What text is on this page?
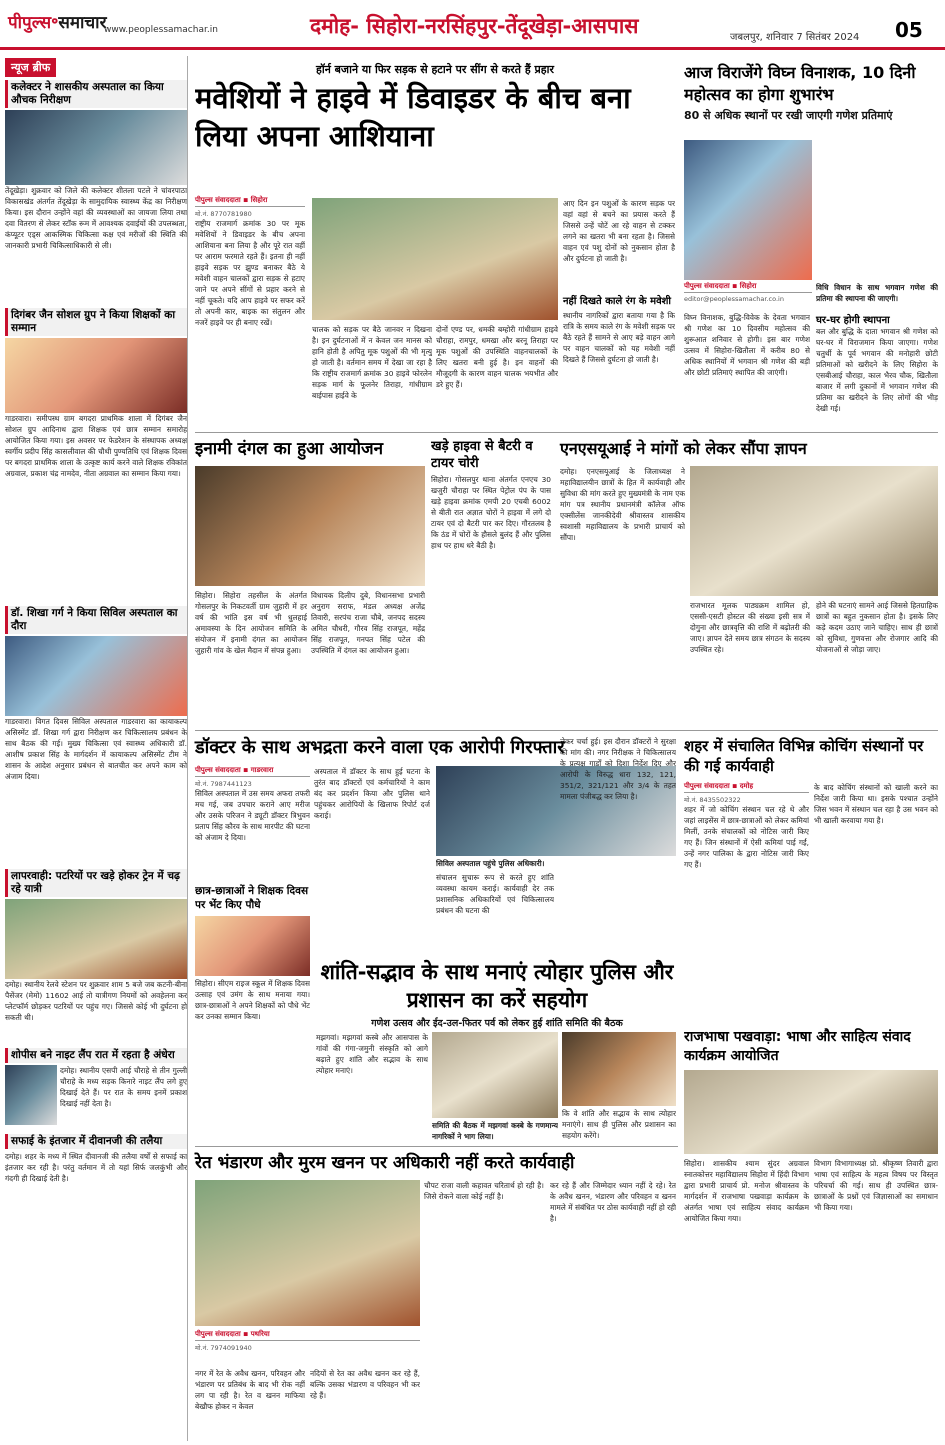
पीपुल्स॰समाचार
www.peoplessamachar.in	दमोह- सिहोरा-नरसिंहपुर-तेंदूखेड़ा-आसपास	जबलपुर, शनिवार 7 सितंबर 2024 05
न्यूज ब्रीफ
कलेक्टर ने शासकीय अस्पताल का किया औचक निरीक्षण
तेंदूखेड़ा। शुक्रवार को जिले की कलेक्टर शीतला पटले ने चांवरपाठा विकासखंड अंतर्गत तेंदूखेड़ा के सामुदायिक स्वास्थ्य केंद्र का निरीक्षण किया। इस दौरान उन्होंने वहां की व्यवस्थाओं का जायजा लिया तथा दवा वितरण से लेकर स्टॉक रूम में आवश्यक दवाईयों की उपलब्धता, कंप्यूटर एड्स आकस्मिक चिकित्सा कक्ष एवं मरीजों की स्थिति की जानकारी प्रभारी चिकित्साधिकारी से ली।
दिगंबर जैन सोशल ग्रुप ने किया शिक्षकों का सम्मान
गाडरवारा। समीपस्थ ग्राम बगदरा प्राथमिक शाला में दिगंबर जैन सोशल ग्रुप आदिनाथ द्वारा शिक्षक एवं छात्र सम्मान समारोह आयोजित किया गया। इस अवसर पर फेडरेशन के संस्थापक अध्यक्ष स्वर्गीय प्रदीप सिंह कासलीवाल की चौथी पुण्यतिथि एवं शिक्षक दिवस पर बगदरा प्राथमिक शाला के उत्कृष्ट कार्य करने वाले शिक्षक रविकांत अग्रवाल, प्रकाश चंद्र नामदेव, नीता अग्रवाल का सम्मान किया गया।
डॉ. शिखा गर्ग ने किया सिविल अस्पताल का दौरा
गाडरवारा। विगत दिवस सिविल अस्पताल गाडरवारा का कायाकल्प असिस्मेंट डॉ. शिखा गर्ग द्वारा निरीक्षण कर चिकित्सालय प्रबंधन के साथ बैठक की गई। मुख्य चिकित्सा एवं स्वास्थ्य अधिकारी डॉ. आशीष प्रकाश सिंह के मार्गदर्शन में कायाकल्प असिस्मेंट टीम ने शासन के आदेश अनुसार प्रबंधन से बातचीत कर अपने काम को अंजाम दिया।
लापरवाही: पटरियों पर खड़े होकर ट्रेन में चढ़ रहे यात्री
दमोह। स्थानीय रेलवे स्टेशन पर शुक्रवार शाम 5 बजे जब कटनी-बीना पैसेंजर (मेमो) 11602 आई तो यात्रीगण नियमों को अवहेलना कर प्लेटफॉर्म छोड़कर पटरियों पर पहुंच गए। जिससे कोई भी दुर्घटना हो सकती थी।
शोपीस बने नाइट लैंप रात में रहता है अंधेरा
दमोह। स्थानीय एसपी आई चौराहे से तीन गुल्ली चौराहे के मध्य सड़क किनारे नाइट लैंप लगे हुए दिखाई देते हैं। पर रात के समय इनमें प्रकाश दिखाई नहीं देता है।
सफाई के इंतजार में दीवानजी की तलैया
दमोह। शहर के मध्य में स्थित दीवानजी की तलैया वर्षों से सफाई का इंतजार कर रही है। परंतु वर्तमान में तो यहां सिर्फ जलकुंभी और गंदगी ही दिखाई देती है।
हॉर्न बजाने या फिर सड़क से हटाने पर सींग से करते हैं प्रहार
मवेशियों ने हाइवे में डिवाइडर के बीच बना लिया अपना आशियाना
पीपुल्स संवाददाता ◾ सिहोरा
मो.नं. 8770781980
राष्ट्रीय राजमार्ग क्रमांक 30 पर मूक मवेशियों ने डिवाइडर के बीच अपना आशियाना बना लिया है और पूरे रात वहीं पर आराम फरमाते रहते हैं। इतना ही नहीं हाइवे सड़क पर झुण्ड बनाकर बैठे ये मवेशी वाहन चालकों द्वारा सड़क से हटाए जाने पर अपने सींगों से प्रहार करने से नहीं चूकते। यदि आप हाइवे पर सफर करें तो अपनी कार, बाइक का संतुलन और नजरें हाइवे पर ही बनाए रखें।
चालक को सड़क पर बैठे जानवर न दिखना है। इन दुर्घटनाओं में न केवल जन मानस को हानि होती है अपितु मूक पशुओं की भी मृत्यु हो जाती है। वर्तमान समय में देखा जा रहा है कि राष्ट्रीय राजमार्ग क्रमांक 30 हाइवे फोरलेन सड़क मार्ग के फूलनेर तिराहा, गांधीग्राम बाईपास हाईवे के
दोनों एण्ड पर, धमकी बम्होरी गांधीग्राम हाइवे चौराहा, रामपुर, धमखा और बरनू तिराहा पर मूक पशुओं की उपस्थिति वाहनचालकों के लिए खतरा बनी हुई है। इन वाहनों की मौजूदगी के कारण वाहन चालक भयभीत और डरे हुए हैं।
आए दिन इन पशुओं के कारण सड़क पर वहां वहां से बचने का प्रयास करते हैं जिससे उन्हें चोटें आ रहे वाहन से टक्कर लगने का खतरा भी बना रहता है। जिससे वाहन एवं पशु दोनों को नुकसान होता है और दुर्घटना हो जाती है।
नहीं दिखते काले रंग के मवेशी
स्थानीय नागरिकों द्वारा बताया गया है कि रात्रि के समय काले रंग के मवेशी सड़क पर बैठे रहते हैं सामने से आए बड़े वाहन आगे पर वाहन चालकों को यह मवेशी नहीं दिखते हैं जिससे दुर्घटना हो जाती है।
आज विराजेंगे विघ्न विनाशक, 10 दिनी महोत्सव का होगा शुभारंभ
80 से अधिक स्थानों पर रखी जाएगी गणेश प्रतिमाएं
पीपुल्स संवाददाता ◾ सिहोरा
editor@peoplessamachar.co.in
विधि विधान के साथ भगवान गणेश की प्रतिमा की स्थापना की जाएगी।
विघ्न विनाशक, बुद्धि-विवेक के देवता भगवान श्री गणेश का 10 दिवसीय महोत्सव की शुरूआत शनिवार से होगी। इस बार गणेश उत्सव में सिहोरा-खितौला में करीब 80 से अधिक स्थानियों में भगवान श्री गणेश की बड़ी और छोटी प्रतिमाएं स्थापित की जाएंगी।
घर-घर होगी स्थापना
बल और बुद्धि के दाता भगवान श्री गणेश को घर-घर में विराजमान किया जाएगा। गणेश चतुर्थी के पूर्व भगवान की मनोहारी छोटी प्रतिमाओं को खरीदने के लिए सिहोरा के एसबीआई चौराहा, काल भैरव चौक, खितौला बाजार में लगी दुकानों में भगवान गणेश की प्रतिमा का खरीदने के लिए लोगों की भीड़ देखी गई।
इनामी दंगल का हुआ आयोजन
सिहोरा। सिहोरा तहसील के अंतर्गत गोसलपुर के निकटवर्ती ग्राम जुहारी में हर वर्ष की भांति इस वर्ष भी धुलहाई अमावस्या के दिन आयोजन समिति के संयोजन में इनामी दंगल का आयोजन जुहारी गांव के खेल मैदान में संपन्न हुआ।
विधायक दिलीप दुबे, विधानसभा प्रभारी अनुराग सराफ, मंडल अध्यक्ष अजेंद्र तिवारी, सरपंच राजा चौबे, जनपद सदस्य अमित चौधरी, गौरव सिंह राजपूत, महेंद्र सिंह राजपूत, गनपत सिंह पटेल की उपस्थिति में दंगल का आयोजन हुआ।
खड़े हाइवा से बैटरी व टायर चोरी
सिहोरा। गोसलपुर थाना अंतर्गत एनएच 30 खजुरी चौराहा पर स्थित पेट्रोल पंप के पास खड़े हाइवा क्रमांक एमपी 20 एचबी 6002 से बीती रात अज्ञात चोरों ने हाइवा में लगे दो टायर एवं दो बैटरी पार कर दिए। गौरतलब है कि ठंड में चोरों के हौसले बुलंद हैं और पुलिस हाथ पर हाथ धरे बैठी है।
एनएसयूआई ने मांगों को लेकर सौंपा ज्ञापन
दमोह। एनएसयूआई के जिलाध्यक्ष ने महाविद्यालयीन छात्रों के हित में कार्यवाही और सुविधा की मांग करते हुए मुख्यमंत्री के नाम एक मांग पत्र स्थानीय प्रधानमंत्री कॉलेज ऑफ एक्सीलेंस जानकीदेवी श्रीवास्तव शासकीय स्वशासी महाविद्यालय के प्रभारी प्राचार्य को सौंपा।
राजभारत मूलक पाठ्यक्रम शामिल हो, एससी-एसटी होस्टल की संख्या इसी सत्र में दोगुना और छात्रवृत्ति की राशि में बढ़ोतरी की जाए। ज्ञापन देते समय छात्र संगठन के सदस्य उपस्थित रहे।
होने की घटनाएं सामने आई जिससे हितग्राहिक छात्रों का बहुत नुकसान होता है। इसके लिए कड़े कदम उठाए जाने चाहिए। साथ ही छात्रों को सुविधा, गुणवत्ता और रोजगार आदि की योजनाओं से जोड़ा जाए।
डॉक्टर के साथ अभद्रता करने वाला एक आरोपी गिरफ्तार
पीपुल्स संवाददाता ◾ गाडरवारा
मो.नं. 7987441123
सिविल अस्पताल में उस समय अफरा तफरी मच गई, जब उपचार कराने आए मरीज और उसके परिजन ने ड्यूटी डॉक्टर त्रिभुवन प्रताप सिंह कौरव के साथ मारपीट की घटना को अंजाम दे दिया।
अस्पताल में डॉक्टर के साथ हुई घटना के तुरंत बाद डॉक्टरों एवं कर्मचारियों ने काम बंद कर प्रदर्शन किया और पुलिस थाने पहुंचकर आरोपियों के खिलाफ रिपोर्ट दर्ज कराई।
सिविल अस्पताल पहुंचे पुलिस अधिकारी।
लेकर चर्चा हुई। इस दौरान डॉक्टरों ने सुरक्षा की मांग की। नगर निरीक्षक ने चिकित्सालय के प्रत्यक्ष गार्डों को दिशा निर्देश दिए और आरोपी के विरुद्ध धारा 132, 121, 351/2, 321/121 और 3/4 के तहत मामला पंजीबद्ध कर लिया है।
शहर में संचालित विभिन्न कोचिंग संस्थानों पर की गई कार्यवाही
पीपुल्स संवाददाता ◾ दमोह
मो.नं. 8435502322
शहर में जो कोचिंग संस्थान चल रहे थे और जहां लाइसेंस में छात्र-छात्राओं को लेकर कमियां मिलीं, उनके संचालकों को नोटिस जारी किए गए हैं। जिन संस्थानों में ऐसी कमियां पाई गईं, उन्हें नगर पालिका के द्वारा नोटिस जारी किए गए हैं।
के बाद कोचिंग संस्थानों को खाली करने का निर्देश जारी किया था। इसके पश्चात उन्होंने जिस भवन में संस्थान चल रहा है उस भवन को भी खाली करवाया गया है।
छात्र-छात्राओं ने शिक्षक दिवस पर भेंट किए पौधे
सिहोरा। सीएम राइज स्कूल में शिक्षक दिवस उत्साह एवं उमंग के साथ मनाया गया। छात्र-छात्राओं ने अपने शिक्षकों को पौधे भेंट कर उनका सम्मान किया।
शांति-सद्भाव के साथ मनाएं त्योहार पुलिस और प्रशासन का करें सहयोग
गणेश उत्सव और ईद-उल-फितर पर्व को लेकर हुई शांति समिति की बैठक
मझगवां। मझगवां कस्बे और आसपास के गांवों की गंगा-जमुनी संस्कृति को आगे बढ़ाते हुए शांति और सद्भाव के साथ त्योहार मनाएं।
समिति की बैठक में मझगवां कस्बे के गणमान्य नागरिकों ने भाग लिया।
कि वे शांति और सद्भाव के साथ त्योहार मनाएंगे। साथ ही पुलिस और प्रशासन का सहयोग करेंगे।
राजभाषा पखवाड़ा: भाषा और साहित्य संवाद कार्यक्रम आयोजित
सिहोरा। शासकीय श्याम सुंदर अग्रवाल स्नातकोत्तर महाविद्यालय सिहोरा में हिंदी विभाग द्वारा प्रभारी प्राचार्य प्रो. मनोज श्रीवास्तव के मार्गदर्शन में राजभाषा पखवाड़ा कार्यक्रम के अंतर्गत भाषा एवं साहित्य संवाद कार्यक्रम आयोजित किया गया।
विभाग विभागाध्यक्ष प्रो. श्रीकृष्ण तिवारी द्वारा भाषा एवं साहित्य के महत्व विषय पर विस्तृत परिचर्चा की गई। साथ ही उपस्थित छात्र-छात्राओं के प्रश्नों एवं जिज्ञासाओं का समाधान भी किया गया।
रेत भंडारण और मुरम खनन पर अधिकारी नहीं करते कार्यवाही
पीपुल्स संवाददाता ◾ पथरिया
मो.नं. 7974091940
नगर में रेत के अवैध खनन, परिवहन और भंडारण पर प्रतिबंध के बाद भी रोक नहीं लग पा रही है। रेत व खनन माफिया बेखौफ होकर न केवल
नदियों से रेत का अवैध खनन कर रहे हैं, बल्कि उसका भंडारण व परिवहन भी कर रहे हैं।
चौपट राजा वाली कहावत चरितार्थ हो रही है। जिसे रोकने वाला कोई नहीं है।
कर रहे हैं और जिम्मेदार ध्यान नहीं दे रहे। रेत के अवैध खनन, भंडारण और परिवहन व खनन मामले में संबंधित पर ठोस कार्यवाही नहीं हो रही है।
संचालन सुचारू रूप से करते हुए शांति व्यवस्था कायम कराई। कार्यवाही देर तक प्रशासनिक अधिकारियों एवं चिकित्सालय प्रबंधन की घटना की
